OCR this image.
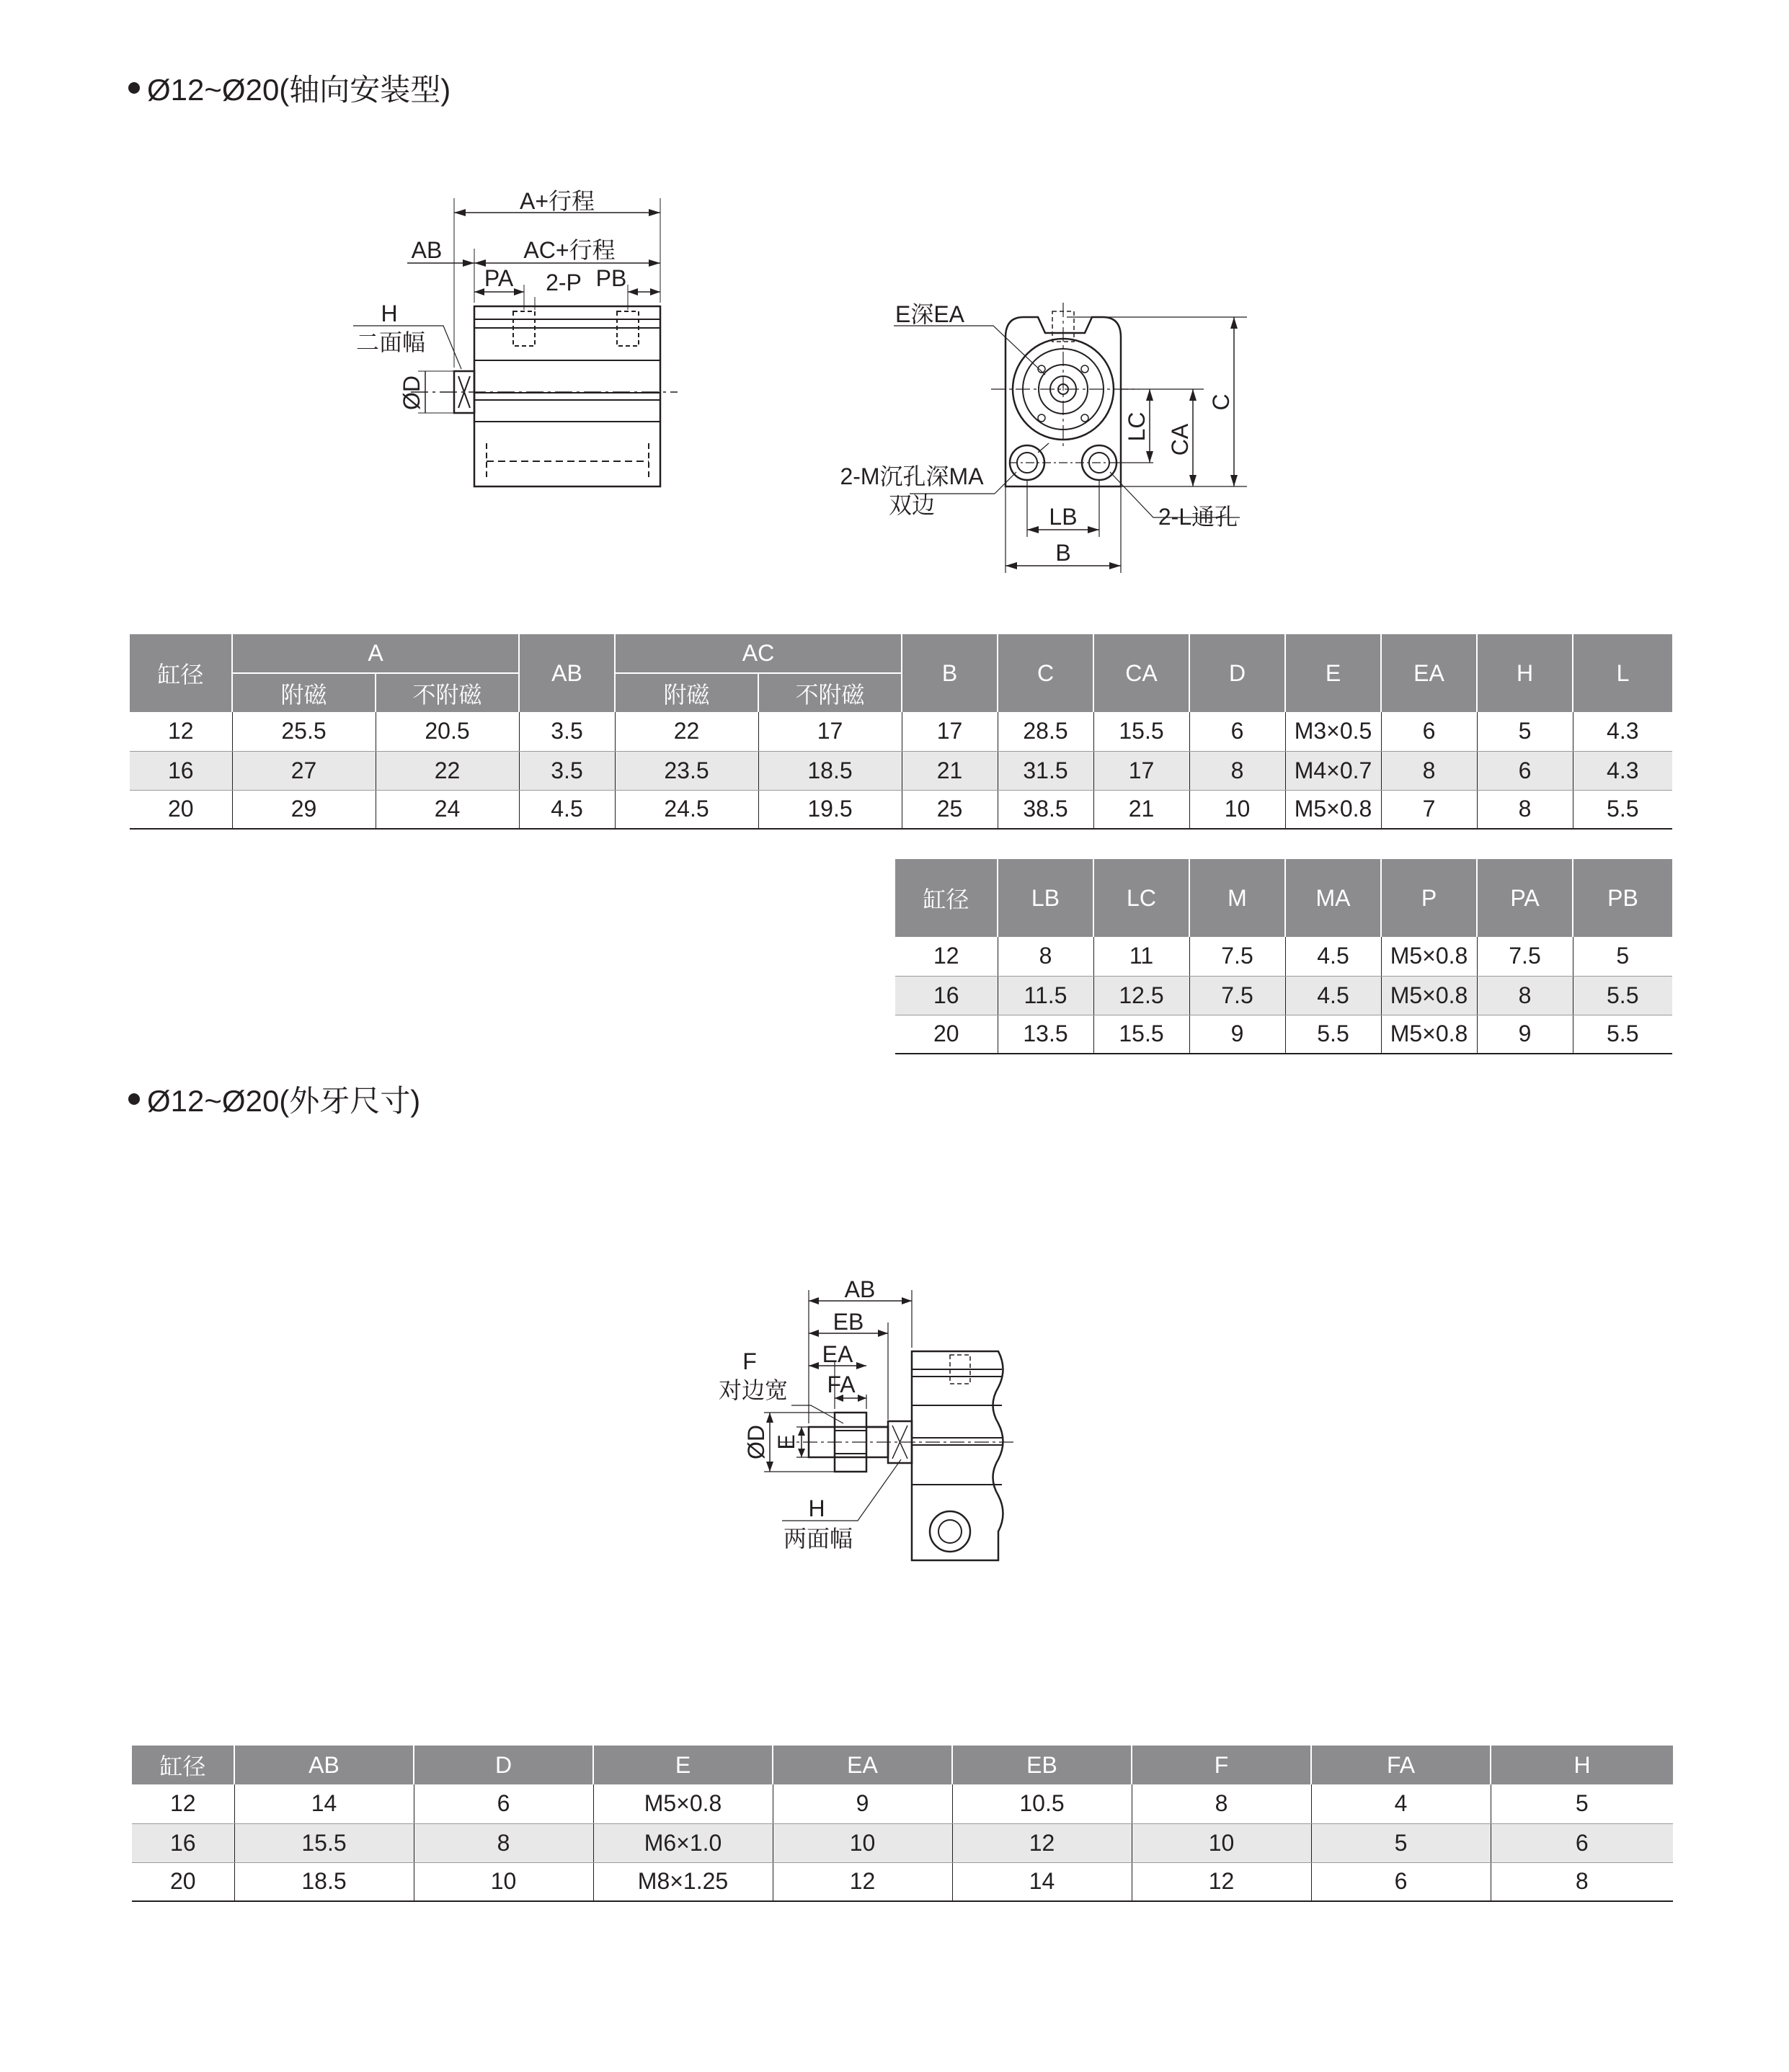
Ø12~Ø20(轴向安装型)
A+行程
AB	AC+行程
PA 2-P PB
H
二面幅
ØD
E深EA
C
CA
LC
2-M沉孔深MA
双边	LB
B
2-L通孔
缸径	A		AB	AC		B	C	CA	D	E	EA	H	L
	附磁	不附磁		附磁	不附磁								
12	25.5	20.5	3.5	22	17	17	28.5	15.5	6	M3×0.5	6	5	4.3
16	27	22	3.5	23.5	18.5	21	31.5	17	8	M4×0.7	8	6	4.3
20	29	24	4.5	24.5	19.5	25	38.5	21	10	M5×0.8	7	8	5.5
缸径	LB	LC	M	MA	P	PA	PB
12	8	11	7.5	4.5	M5×0.8	7.5	5
16	11.5	12.5	7.5	4.5	M5×0.8	8	5.5
20	13.5	15.5	9	5.5	M5×0.8	9	5.5
Ø12~Ø20(外牙尺寸)
AB
EB
EA
F
对边宽 FA
ØD E
H
两面幅
缸径	AB	D	E	EA	EB	F	FA	H
12	14	6	M5×0.8	9	10.5	8	4	5
16	15.5	8	M6×1.0	10	12	10	5	6
20	18.5	10	M8×1.25	12	14	12	6	8
